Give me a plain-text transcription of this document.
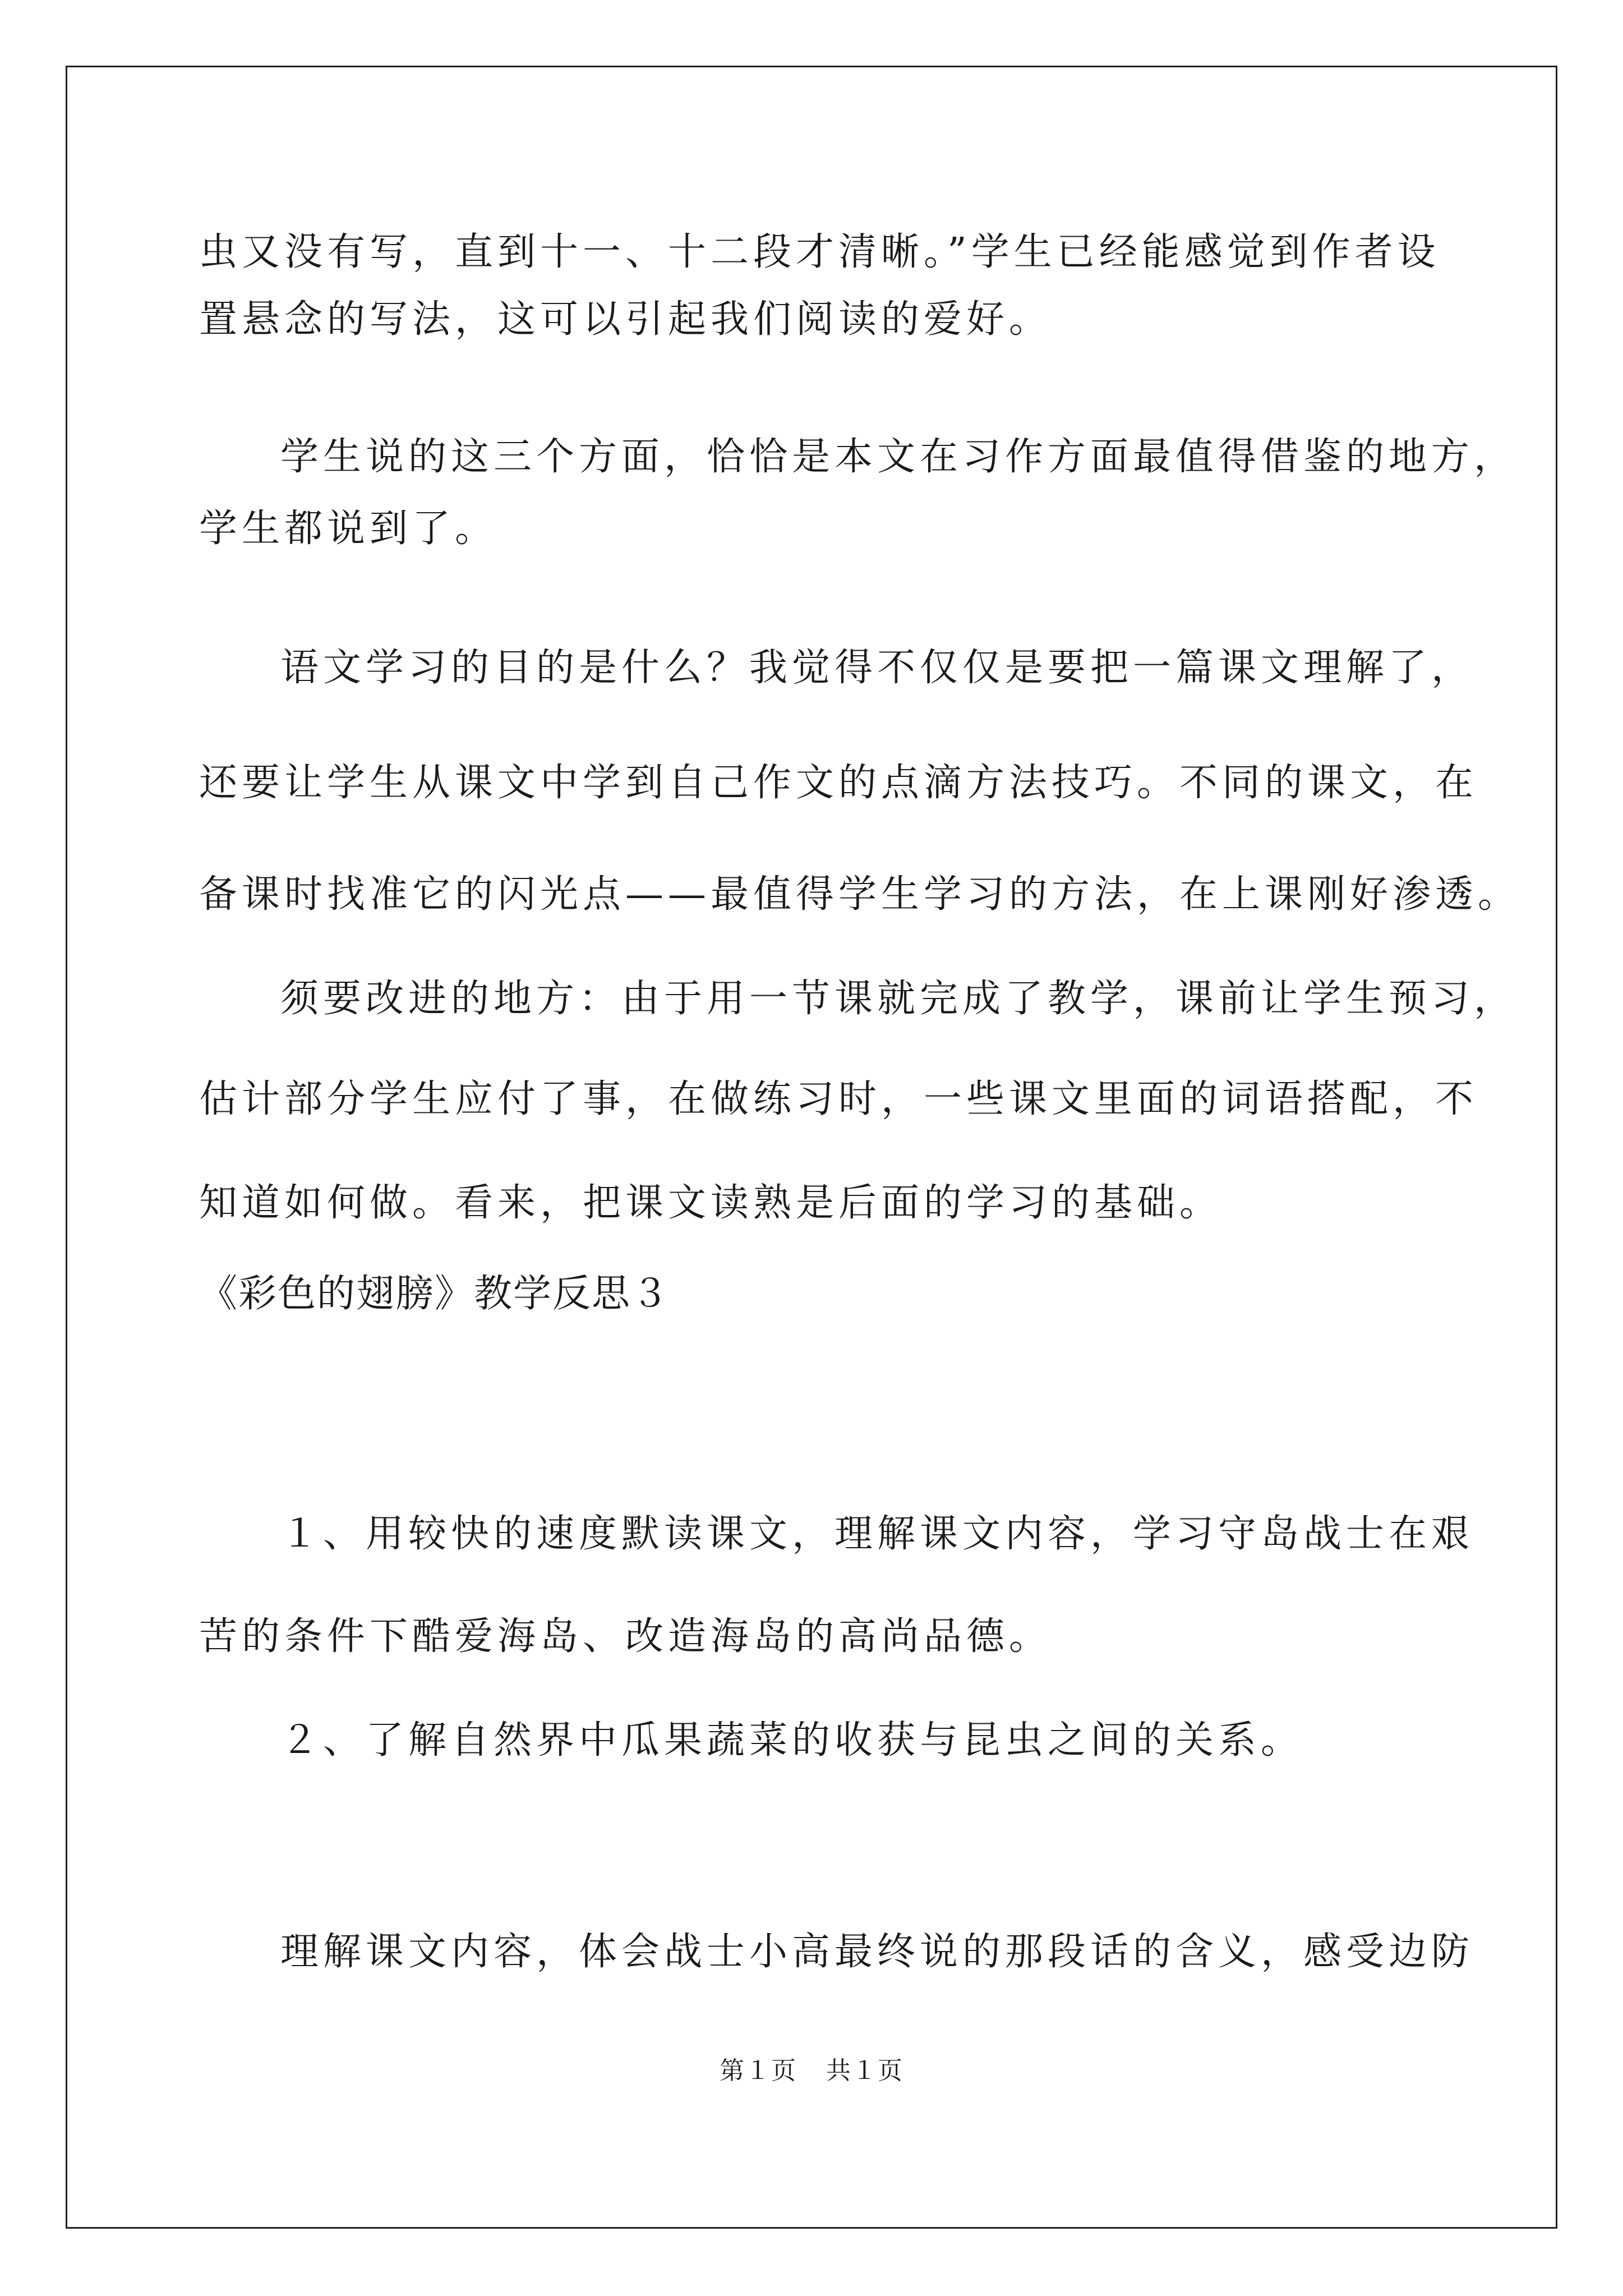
虫又没有写，直到十一、十二段才清晰。”学生已经能感觉到作者设
置悬念的写法，这可以引起我们阅读的爱好。
学生说的这三个方面，恰恰是本文在习作方面最值得借鉴的地方，
学生都说到了。
语文学习的目的是什么？我觉得不仅仅是要把一篇课文理解了，
还要让学生从课文中学到自己作文的点滴方法技巧。不同的课文，在
备课时找准它的闪光点——最值得学生学习的方法，在上课刚好渗透。
须要改进的地方：由于用一节课就完成了教学，课前让学生预习，
估计部分学生应付了事，在做练习时，一些课文里面的词语搭配，不
知道如何做。看来，把课文读熟是后面的学习的基础。
《彩色的翅膀》教学反思３
１、用较快的速度默读课文，理解课文内容，学习守岛战士在艰
苦的条件下酷爱海岛、改造海岛的高尚品德。
２、了解自然界中瓜果蔬菜的收获与昆虫之间的关系。
理解课文内容，体会战士小高最终说的那段话的含义，感受边防
第１页 共１页
